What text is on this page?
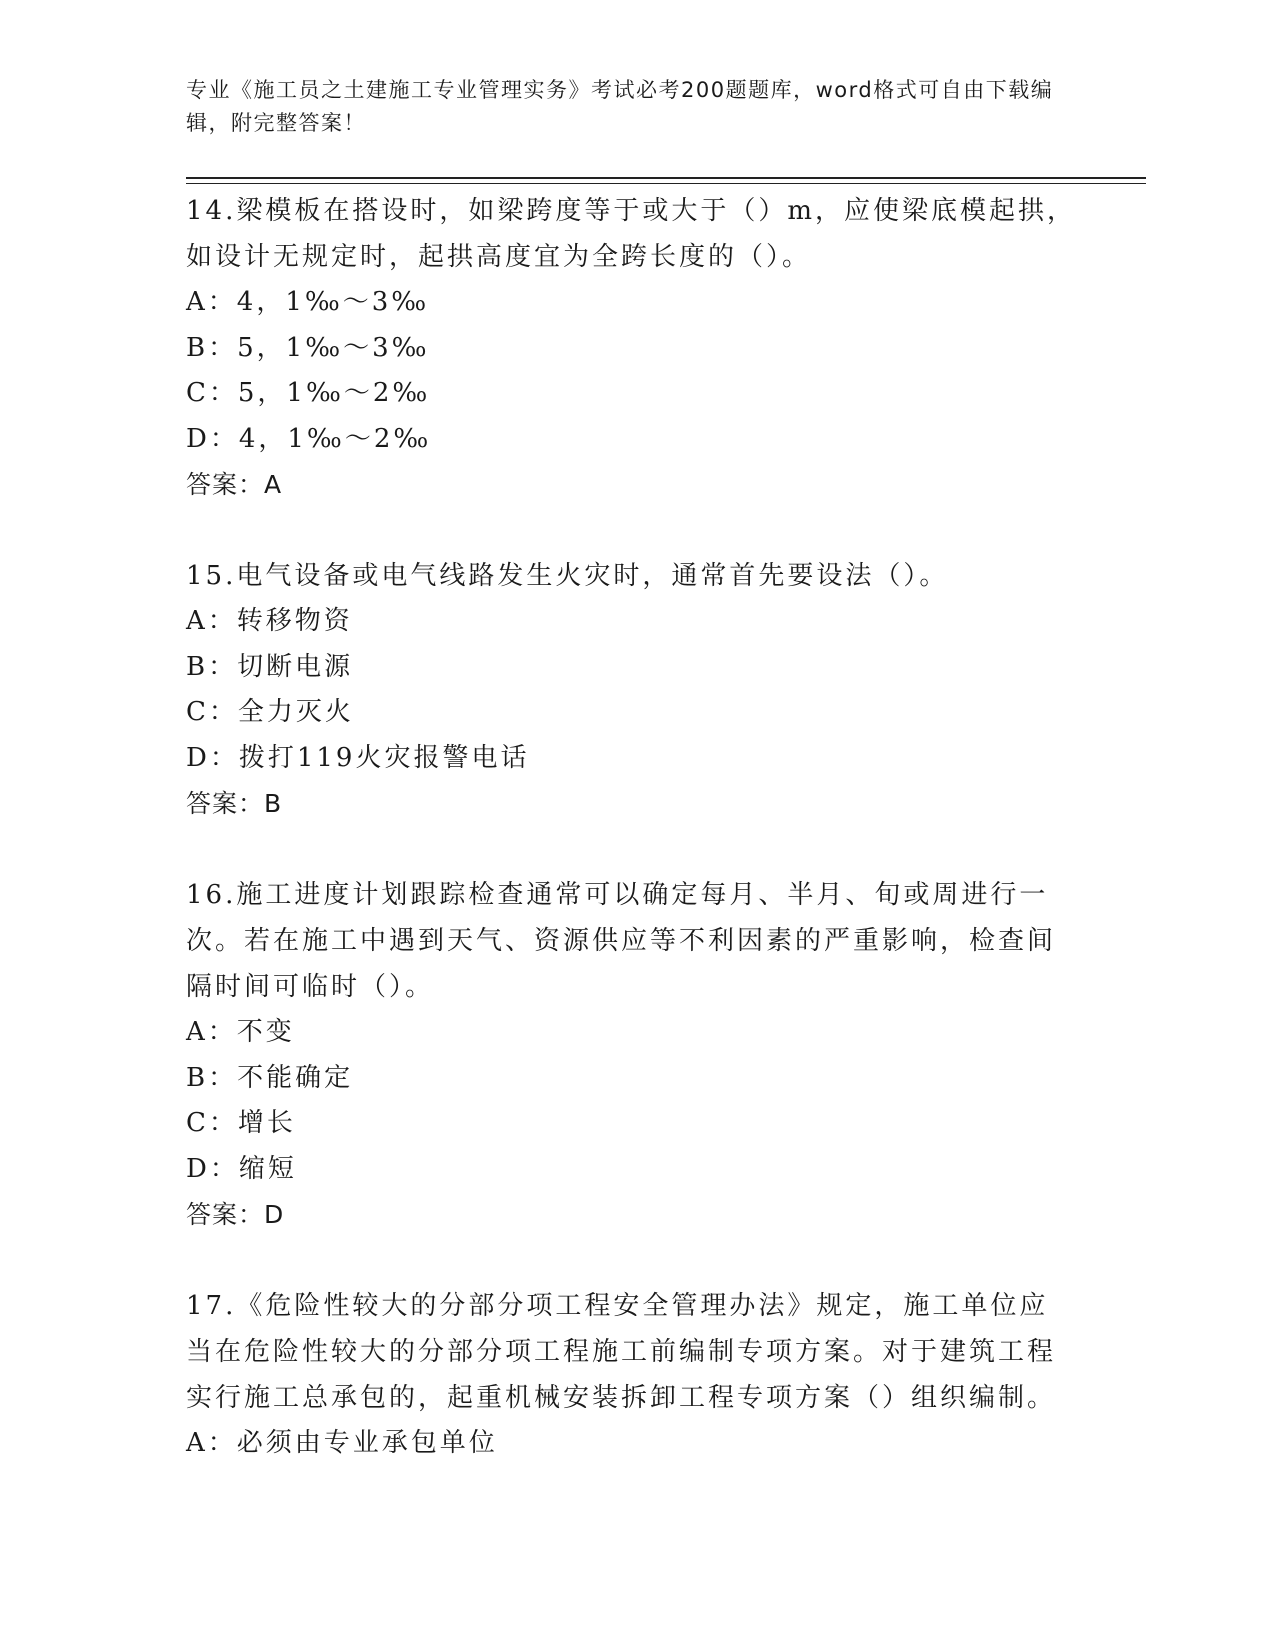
专业《施工员之土建施工专业管理实务》考试必考200题题库，word格式可自由下载编辑，附完整答案！
14.梁模板在搭设时，如梁跨度等于或大于（）m，应使梁底模起拱，如设计无规定时，起拱高度宜为全跨长度的（）。
A：4，1‰～3‰
B：5，1‰～3‰
C：5，1‰～2‰
D：4，1‰～2‰
答案：A
15.电气设备或电气线路发生火灾时，通常首先要设法（）。
A：转移物资
B：切断电源
C：全力灭火
D：拨打119火灾报警电话
答案：B
16.施工进度计划跟踪检查通常可以确定每月、半月、旬或周进行一次。若在施工中遇到天气、资源供应等不利因素的严重影响，检查间隔时间可临时（）。
A：不变
B：不能确定
C：增长
D：缩短
答案：D
17.《危险性较大的分部分项工程安全管理办法》规定，施工单位应当在危险性较大的分部分项工程施工前编制专项方案。对于建筑工程实行施工总承包的，起重机械安装拆卸工程专项方案（）组织编制。
A：必须由专业承包单位
